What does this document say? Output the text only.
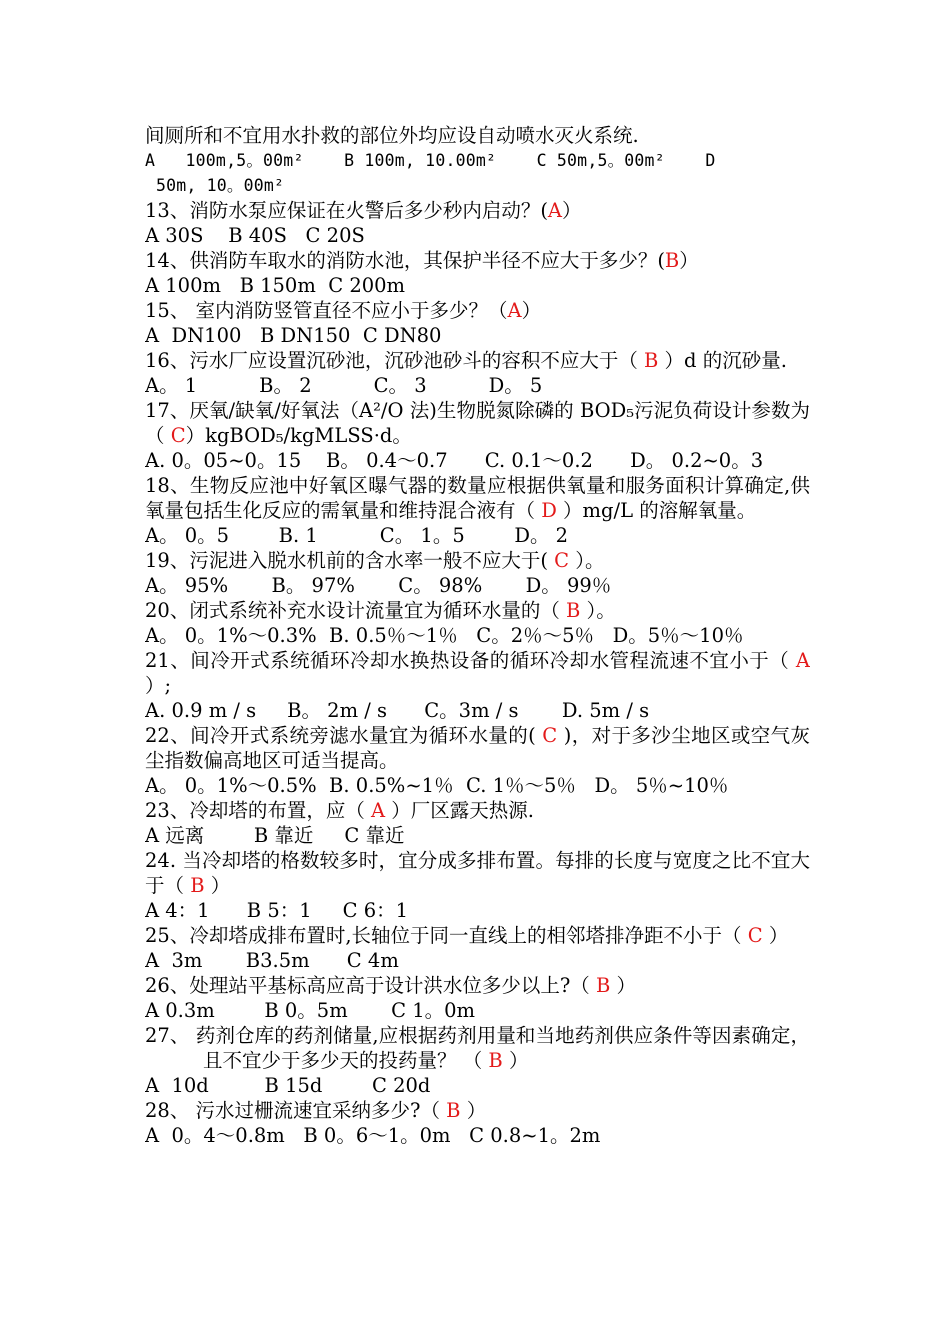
间厕所和不宜用水扑救的部位外均应设自动喷水灭火系统.
A   100m,5。00m²    B 100m, 10.00m²    C 50m,5。00m²    D
50m, 10。00m²
13、消防水泵应保证在火警后多少秒内启动？(A）
A 30S    B 40S   C 20S
14、供消防车取水的消防水池，其保护半径不应大于多少？(B）
A 100m   B 150m  C 200m
15、 室内消防竖管直径不应小于多少？（A）
A  DN100   B DN150  C DN80
16、污水厂应设置沉砂池，沉砂池砂斗的容积不应大于（ B ）d 的沉砂量.
A。 1          B。 2          C。 3          D。 5
17、厌氧/缺氧/好氧法（A²/O 法)生物脱氮除磷的 BOD₅污泥负荷设计参数为（ C）kgBOD₅/kgMLSS·d。
A. 0。05~0。15    B。 0.4～0.7      C. 0.1～0.2      D。 0.2~0。3
18、生物反应池中好氧区曝气器的数量应根据供氧量和服务面积计算确定,供氧量包括生化反应的需氧量和维持混合液有（ D ）mg/L 的溶解氧量。
A。 0。5        B. 1          C。 1。5        D。 2
19、污泥进入脱水机前的含水率一般不应大于( C ）。
A。 95%       B。 97%       C。 98%       D。 99％
20、闭式系统补充水设计流量宜为循环水量的（ B ）。
A。 0。1%～0.3%  B. 0.5％～1％   C。2％～5％   D。5％～10％
21、间冷开式系统循环冷却水换热设备的循环冷却水管程流速不宜小于（ A ）;
A. 0.9 m / s     B。 2m / s      C。3m / s       D. 5m / s
22、间冷开式系统旁滤水量宜为循环水量的( C )，对于多沙尘地区或空气灰尘指数偏高地区可适当提高。
A。 0。1%～0.5%  B. 0.5%~1％  C. 1％～5％   D。 5％~10％
23、冷却塔的布置，应（ A ）厂区露天热源.
A 远离        B 靠近     C 靠近
24. 当冷却塔的格数较多时，宜分成多排布置。每排的长度与宽度之比不宜大于（ B ）
A 4：1      B 5：1     C 6：1
25、冷却塔成排布置时,长轴位于同一直线上的相邻塔排净距不小于（ C ）
A  3m       B3.5m      C 4m
26、处理站平基标高应高于设计洪水位多少以上?（ B ）
A 0.3m        B 0。5m       C 1。0m
27、 药剂仓库的药剂储量,应根据药剂用量和当地药剂供应条件等因素确定，且不宜少于多少天的投药量？ （ B ）
A  10d         B 15d        C 20d
28、 污水过栅流速宜采纳多少?（ B ）
A  0。4～0.8m   B 0。6～1。0m   C 0.8~1。2m
